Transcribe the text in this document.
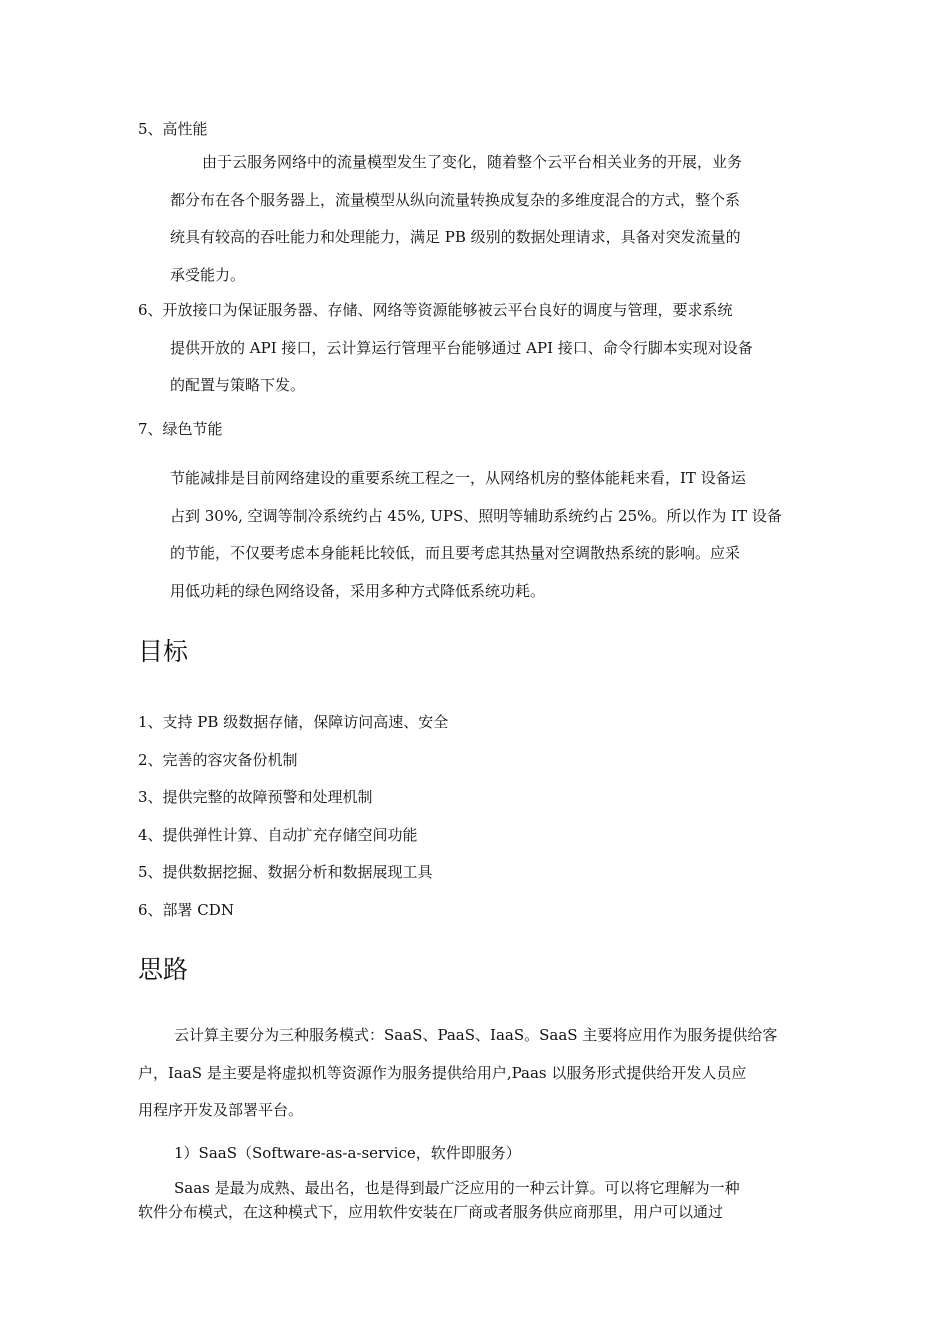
5、高性能
由于云服务网络中的流量模型发生了变化，随着整个云平台相关业务的开展，业务
都分布在各个服务器上，流量模型从纵向流量转换成复杂的多维度混合的方式，整个系
统具有较高的吞吐能力和处理能力，满足 PB 级别的数据处理请求，具备对突发流量的
承受能力。
6、开放接口为保证服务器、存储、网络等资源能够被云平台良好的调度与管理，要求系统
提供开放的 API 接口，云计算运行管理平台能够通过 API 接口、命令行脚本实现对设备
的配置与策略下发。
7、绿色节能
节能减排是目前网络建设的重要系统工程之一，从网络机房的整体能耗来看，IT 设备运
占到 30%, 空调等制冷系统约占 45%, UPS、照明等辅助系统约占 25%。所以作为 IT 设备
的节能，不仅要考虑本身能耗比较低，而且要考虑其热量对空调散热系统的影响。应采
用低功耗的绿色网络设备，采用多种方式降低系统功耗。
目标
1、支持 PB 级数据存储，保障访问高速、安全
2、完善的容灾备份机制
3、提供完整的故障预警和处理机制
4、提供弹性计算、自动扩充存储空间功能
5、提供数据挖掘、数据分析和数据展现工具
6、部署 CDN
思路
云计算主要分为三种服务模式：SaaS、PaaS、IaaS。SaaS 主要将应用作为服务提供给客
户，IaaS 是主要是将虚拟机等资源作为服务提供给用户,Paas 以服务形式提供给开发人员应
用程序开发及部署平台。
1）SaaS（Software-as-a-service，软件即服务）
Saas 是最为成熟、最出名，也是得到最广泛应用的一种云计算。可以将它理解为一种
软件分布模式，在这种模式下，应用软件安装在厂商或者服务供应商那里，用户可以通过
